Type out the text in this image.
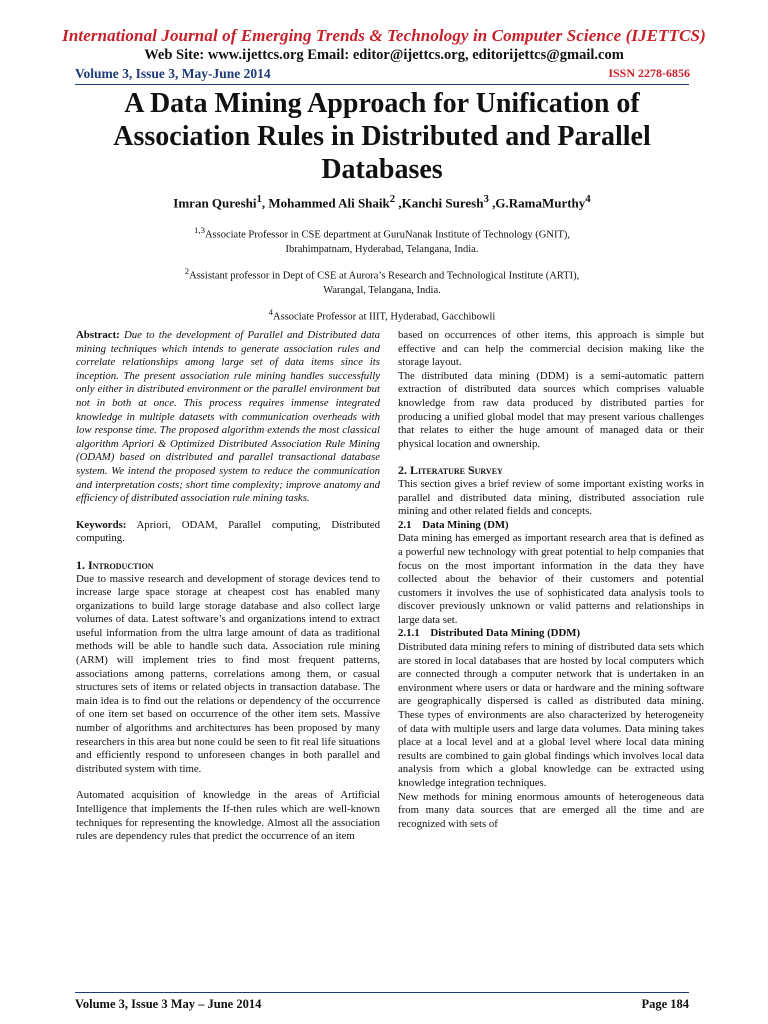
International Journal of Emerging Trends & Technology in Computer Science (IJETTCS)
Web Site: www.ijettcs.org Email: editor@ijettcs.org, editorijettcs@gmail.com
Volume 3, Issue 3, May-June 2014	ISSN 2278-6856
A Data Mining Approach for Unification of
Association Rules in Distributed and Parallel
Databases
Imran Qureshi$^1$, Mohammed Ali Shaik$^2$ ,Kanchi Suresh$^3$ ,G.RamaMurthy$^4$
$^{1,3}$Associate Professor in CSE department at GuruNanak Institute of Technology (GNIT),
Ibrahimpatnam, Hyderabad, Telangana, India.
$^2$Assistant professor in Dept of CSE at Aurora’s Research and Technological Institute (ARTI),
Warangal, Telangana, India.
$^4$Associate Professor at IIIT, Hyderabad, Gacchibowli

Abstract: Due to the development of Parallel and Distributed data mining techniques which intends to generate association rules and correlate relationships among large set of data items since its inception. The present association rule mining handles successfully only either in distributed environment or the parallel environment but not in both at once. This process requires immense integrated knowledge in multiple datasets with communication overheads with low response time. The proposed algorithm extends the most classical algorithm Apriori & Optimized Distributed Association Rule Mining (ODAM) based on distributed and parallel transactional database system. We intend the proposed system to reduce the communication and interpretation costs; short time complexity; improve anatomy and efficiency of distributed association rule mining tasks.

Keywords: Apriori, ODAM, Parallel computing, Distributed computing.

1. Introduction

Due to massive research and development of storage devices tend to increase large space storage at cheapest cost has enabled many organizations to build large storage database and also collect large volumes of data. Latest software’s and organizations intend to extract useful information from the ultra large amount of data as traditional methods will be able to handle such data. Association rule mining (ARM) will implement tries to find most frequent patterns, associations among patterns, correlations among them, or casual structures sets of items or related objects in transaction database. The main idea is to find out the relations or dependency of the occurrence of one item set based on occurrence of the other item sets. Massive number of algorithms and architectures has been proposed by many researchers in this area but none could be seen to fit real life situations and efficiently respond to unforeseen changes in both parallel and distributed system with time.

Automated acquisition of knowledge in the areas of Artificial Intelligence that implements the If-then rules which are well-known techniques for representing the knowledge. Almost all the association rules are dependency rules that predict the occurrence of an item

based on occurrences of other items, this approach is simple but effective and can help the commercial decision making like the storage layout.

The distributed data mining (DDM) is a semi-automatic pattern extraction of distributed data sources which comprises valuable knowledge from raw data produced by distributed parties for producing a unified global model that may present various challenges that relates to either the huge amount of managed data or their physical location and ownership.

2. Literature Survey

This section gives a brief review of some important existing works in parallel and distributed data mining, distributed association rule mining and other related fields and concepts.

2.1    Data Mining (DM)

Data mining has emerged as important research area that is defined as a powerful new technology with great potential to help companies that focus on the most important information in the data they have collected about the behavior of their customers and potential customers it involves the use of sophisticated data analysis tools to discover previously unknown or valid patterns and relationships in large data set.

2.1.1    Distributed Data Mining (DDM)

Distributed data mining refers to mining of distributed data sets which are stored in local databases that are hosted by local computers which are connected through a computer network that is undertaken in an environment where users or data or hardware and the mining software are geographically dispersed is called as distributed data mining. These types of environments are also characterized by heterogeneity of data with multiple users and large data volumes. Data mining takes place at a local level and at a global level where local data mining results are combined to gain global findings which involves local data analysis from which a global knowledge can be extracted using knowledge integration techniques.

New methods for mining enormous amounts of heterogeneous data from many data sources that are emerged all the time and are recognized with sets of

Volume 3, Issue 3 May – June 2014	Page 184
